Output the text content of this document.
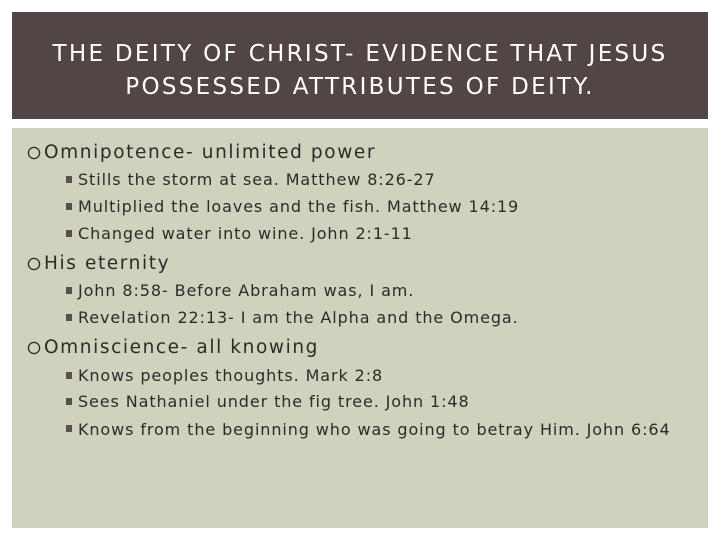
THE DEITY OF CHRIST- EVIDENCE THAT JESUS
POSSESSED ATTRIBUTES OF DEITY.
Omnipotence- unlimited power
Stills the storm at sea. Matthew 8:26-27
Multiplied the loaves and the fish. Matthew 14:19
Changed water into wine. John 2:1-11
His eternity
John 8:58- Before Abraham was, I am.
Revelation 22:13- I am the Alpha and the Omega.
Omniscience- all knowing
Knows peoples thoughts. Mark 2:8
Sees Nathaniel under the fig tree. John 1:48
Knows from the beginning who was going to betray Him. John 6:64
